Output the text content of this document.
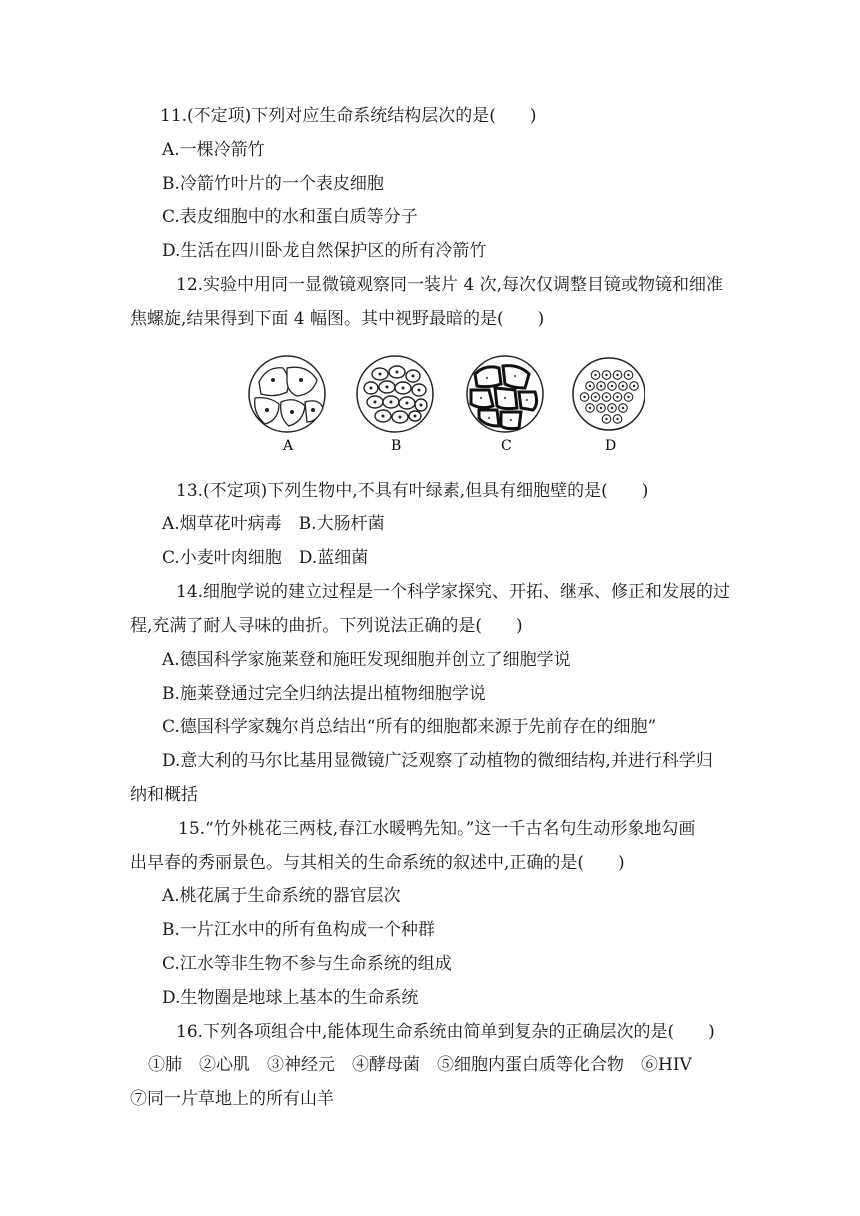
11.(不定项)下列对应生命系统结构层次的是(　　)
A.一棵冷箭竹
B.冷箭竹叶片的一个表皮细胞
C.表皮细胞中的水和蛋白质等分子
D.生活在四川卧龙自然保护区的所有冷箭竹
12.实验中用同一显微镜观察同一装片 4 次,每次仅调整目镜或物镜和细准
焦螺旋,结果得到下面 4 幅图。其中视野最暗的是(　　)
A	B	C	D
13.(不定项)下列生物中,不具有叶绿素,但具有细胞壁的是(　　)
A.烟草花叶病毒　B.大肠杆菌
C.小麦叶肉细胞　D.蓝细菌
14.细胞学说的建立过程是一个科学家探究、开拓、继承、修正和发展的过
程,充满了耐人寻味的曲折。下列说法正确的是(　　)
A.德国科学家施莱登和施旺发现细胞并创立了细胞学说
B.施莱登通过完全归纳法提出植物细胞学说
C.德国科学家魏尔肖总结出“所有的细胞都来源于先前存在的细胞”
D.意大利的马尔比基用显微镜广泛观察了动植物的微细结构,并进行科学归
纳和概括
15.“竹外桃花三两枝,春江水暖鸭先知。”这一千古名句生动形象地勾画
出早春的秀丽景色。与其相关的生命系统的叙述中,正确的是(　　)
A.桃花属于生命系统的器官层次
B.一片江水中的所有鱼构成一个种群
C.江水等非生物不参与生命系统的组成
D.生物圈是地球上基本的生命系统
16.下列各项组合中,能体现生命系统由简单到复杂的正确层次的是(　　)
①肺　②心肌　③神经元　④酵母菌　⑤细胞内蛋白质等化合物　⑥HIV
⑦同一片草地上的所有山羊
